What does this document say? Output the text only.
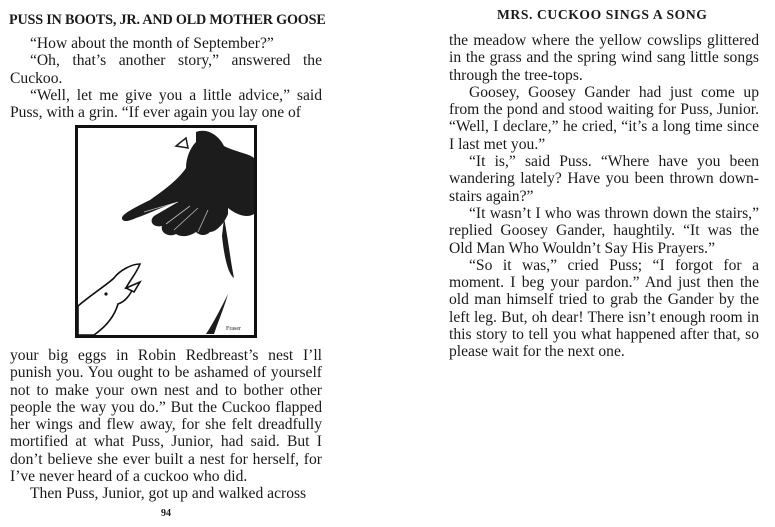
PUSS IN BOOTS, JR. AND OLD MOTHER GOOSE

“How about the month of September?”

“Oh, that’s another story,” answered the Cuckoo.

“Well, let me give you a little advice,” said Puss, with a grin. “If ever again you lay one of

Fraser

your big eggs in Robin Redbreast’s nest I’ll punish you. You ought to be ashamed of yourself not to make your own nest and to bother other people the way you do.” But the Cuckoo flapped her wings and flew away, for she felt dreadfully mortified at what Puss, Junior, had said. But I don’t believe she ever built a nest for herself, for I’ve never heard of a cuckoo who did.

Then Puss, Junior, got up and walked across

94
MRS. CUCKOO SINGS A SONG

the meadow where the yellow cowslips glittered in the grass and the spring wind sang little songs through the tree-tops.

Goosey, Goosey Gander had just come up from the pond and stood waiting for Puss, Junior. “Well, I declare,” he cried, “it’s a long time since I last met you.”

“It is,” said Puss. “Where have you been wandering lately? Have you been thrown down-stairs again?”

“It wasn’t I who was thrown down the stairs,” replied Goosey Gander, haughtily. “It was the Old Man Who Wouldn’t Say His Prayers.”

“So it was,” cried Puss; “I forgot for a moment. I beg your pardon.” And just then the old man himself tried to grab the Gander by the left leg. But, oh dear! There isn’t enough room in this story to tell you what happened after that, so please wait for the next one.
